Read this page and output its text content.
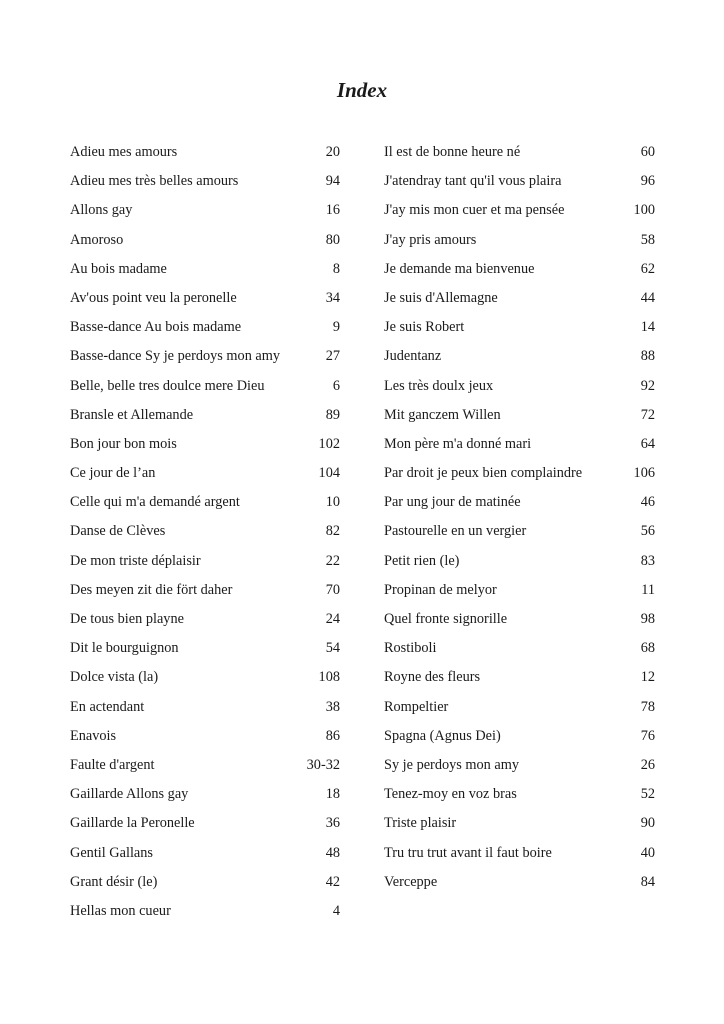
Index
Adieu mes amours	20
Adieu mes très belles amours	94
Allons gay	16
Amoroso	80
Au bois madame	8
Av'ous point veu la peronelle	34
Basse-dance Au bois madame	9
Basse-dance Sy je perdoys mon amy	27
Belle, belle tres doulce mere Dieu	6
Bransle et Allemande	89
Bon jour bon mois	102
Ce jour de l’an	104
Celle qui m'a demandé argent	10
Danse de Clèves	82
De mon triste déplaisir	22
Des meyen zit die fört daher	70
De tous bien playne	24
Dit le bourguignon	54
Dolce vista (la)	108
En actendant	38
Enavois	86
Faulte d'argent	30-32
Gaillarde Allons gay	18
Gaillarde la Peronelle	36
Gentil Gallans	48
Grant désir (le)	42
Hellas mon cueur	4
Il est de bonne heure né	60
J'atendray tant qu'il vous plaira	96
J'ay mis mon cuer et ma pensée	100
J'ay pris amours	58
Je demande ma bienvenue	62
Je suis d'Allemagne	44
Je suis Robert	14
Judentanz	88
Les très doulx jeux	92
Mit ganczem Willen	72
Mon père m'a donné mari	64
Par droit je peux bien complaindre	106
Par ung jour de matinée	46
Pastourelle en un vergier	56
Petit rien (le)	83
Propinan de melyor	11
Quel fronte signorille	98
Rostiboli	68
Royne des fleurs	12
Rompeltier	78
Spagna (Agnus Dei)	76
Sy je perdoys mon amy	26
Tenez-moy en voz bras	52
Triste plaisir	90
Tru tru trut avant il faut boire	40
Verceppe	84
